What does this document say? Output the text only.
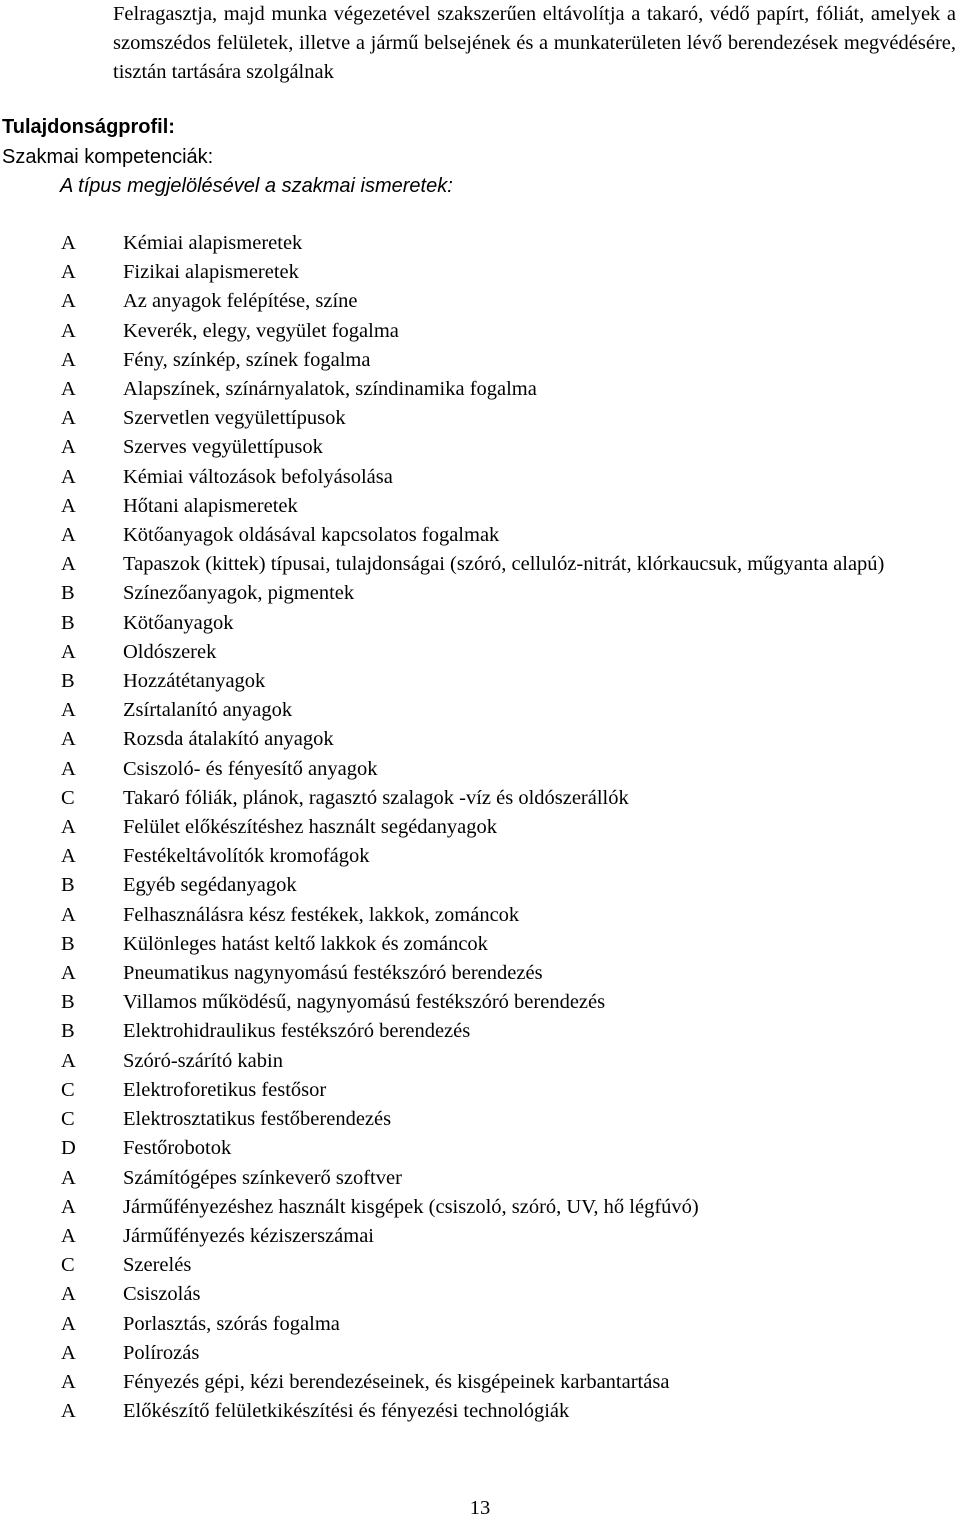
Felragasztja, majd munka végezetével szakszerűen eltávolítja a takaró, védő papírt, fóliát, amelyek a szomszédos felületek, illetve a jármű belsejének és a munkaterületen lévő berendezések megvédésére, tisztán tartására szolgálnak

Tulajdonságprofil:
Szakmai kompetenciák:
A típus megjelölésével a szakmai ismeretek:
A	Kémiai alapismeretek
A	Fizikai alapismeretek
A	Az anyagok felépítése, színe
A	Keverék, elegy, vegyület fogalma
A	Fény, színkép, színek fogalma
A	Alapszínek, színárnyalatok, színdinamika fogalma
A	Szervetlen vegyülettípusok
A	Szerves vegyülettípusok
A	Kémiai változások befolyásolása
A	Hőtani alapismeretek
A	Kötőanyagok oldásával kapcsolatos fogalmak
A	Tapaszok (kittek) típusai, tulajdonságai (szóró, cellulóz-nitrát, klórkaucsuk, műgyanta alapú)
B	Színezőanyagok, pigmentek
B	Kötőanyagok
A	Oldószerek
B	Hozzátétanyagok
A	Zsírtalanító anyagok
A	Rozsda átalakító anyagok
A	Csiszoló- és fényesítő anyagok
C	Takaró fóliák, plánok, ragasztó szalagok -víz és oldószerállók
A	Felület előkészítéshez használt segédanyagok
A	Festékeltávolítók kromofágok
B	Egyéb segédanyagok
A	Felhasználásra kész festékek, lakkok, zománcok
B	Különleges hatást keltő lakkok és zománcok
A	Pneumatikus nagynyomású festékszóró berendezés
B	Villamos működésű, nagynyomású festékszóró berendezés
B	Elektrohidraulikus festékszóró berendezés
A	Szóró-szárító kabin
C	Elektroforetikus festősor
C	Elektrosztatikus festőberendezés
D	Festőrobotok
A	Számítógépes színkeverő szoftver
A	Járműfényezéshez használt kisgépek (csiszoló, szóró, UV, hő légfúvó)
A	Járműfényezés kéziszerszámai
C	Szerelés
A	Csiszolás
A	Porlasztás, szórás fogalma
A	Polírozás
A	Fényezés gépi, kézi berendezéseinek, és kisgépeinek karbantartása
A	Előkészítő felületkikészítési és fényezési technológiák
13
